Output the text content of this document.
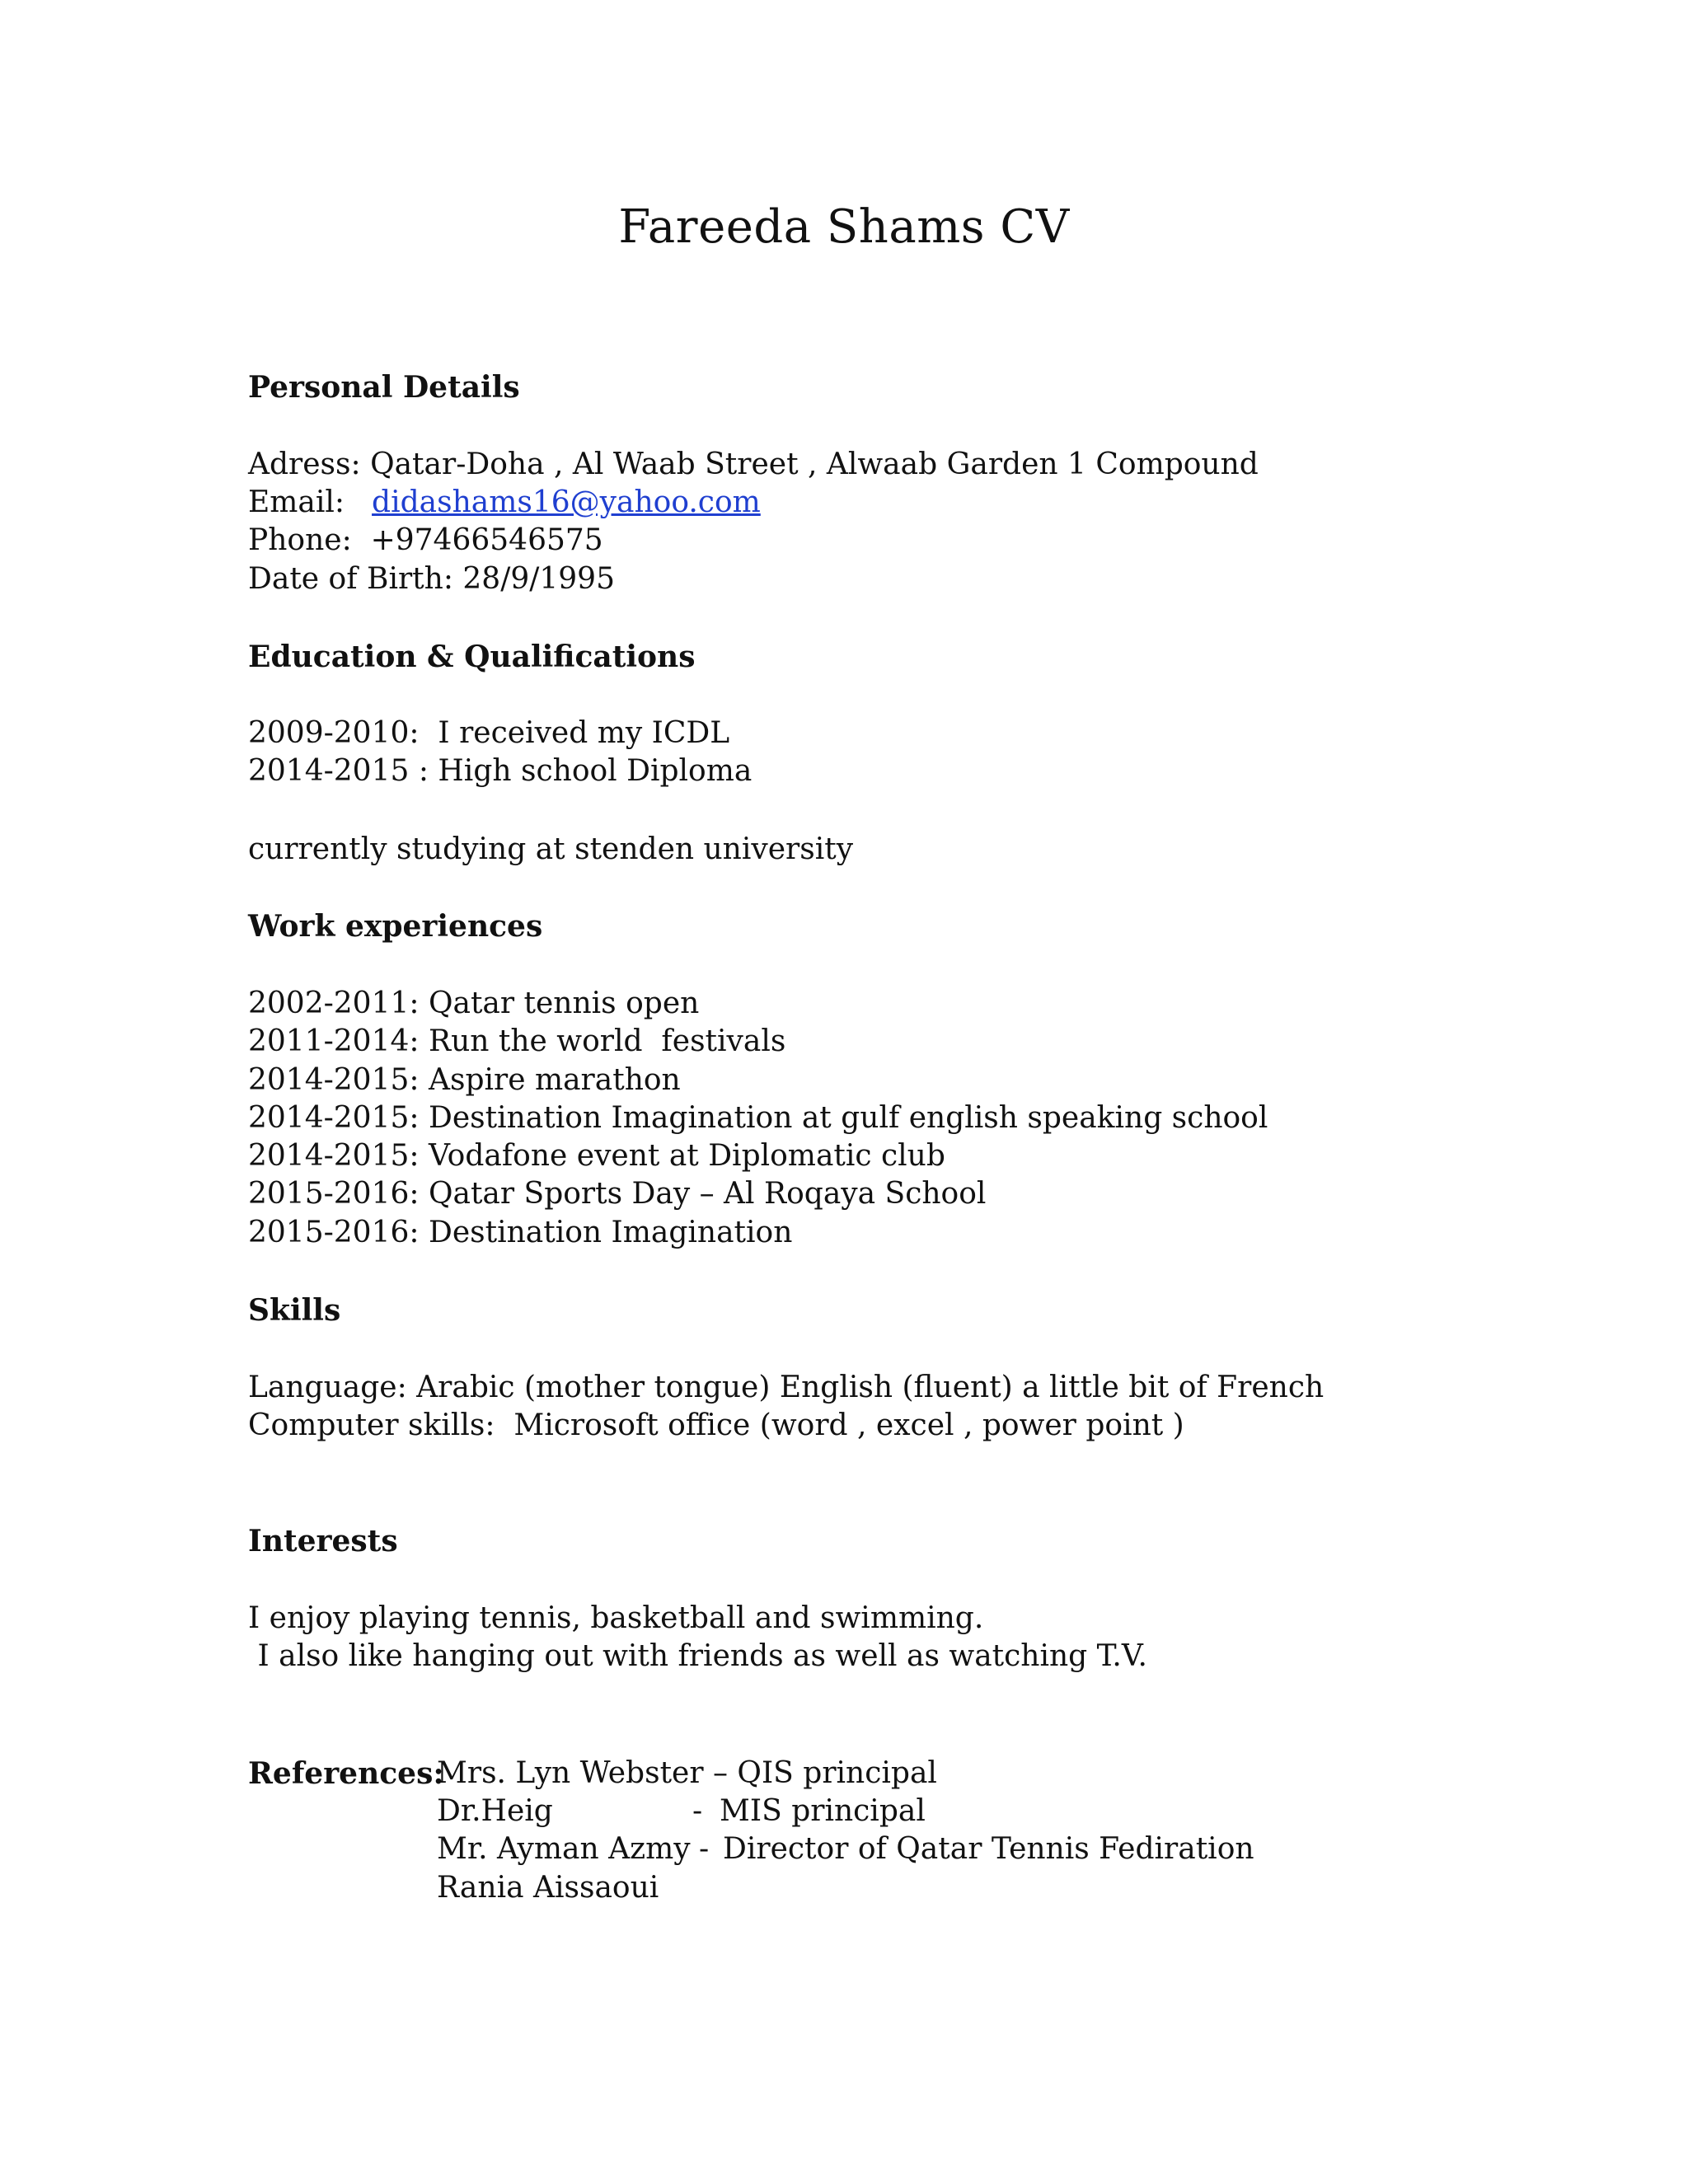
Fareeda Shams CV
Personal Details
Adress: Qatar-Doha , Al Waab Street , Alwaab Garden 1 Compound
Email: didashams16@yahoo.com
Phone:  +97466546575
Date of Birth: 28/9/1995
Education & Qualifications
2009-2010:  I received my ICDL
2014-2015 : High school Diploma
currently studying at stenden university
Work experiences
2002-2011: Qatar tennis open
2011-2014: Run the world  festivals
2014-2015: Aspire marathon
2014-2015: Destination Imagination at gulf english speaking school
2014-2015: Vodafone event at Diplomatic club
2015-2016: Qatar Sports Day – Al Roqaya School
2015-2016: Destination Imagination
Skills
Language: Arabic (mother tongue) English (fluent) a little bit of French
Computer skills:  Microsoft office (word , excel , power point )
Interests
I enjoy playing tennis, basketball and swimming.
I also like hanging out with friends as well as watching T.V.
References:
Mrs. Lyn Webster – QIS principal
Dr.Heig	- MIS principal
Mr. Ayman Azmy - Director of Qatar Tennis Fediration
Rania Aissaoui
